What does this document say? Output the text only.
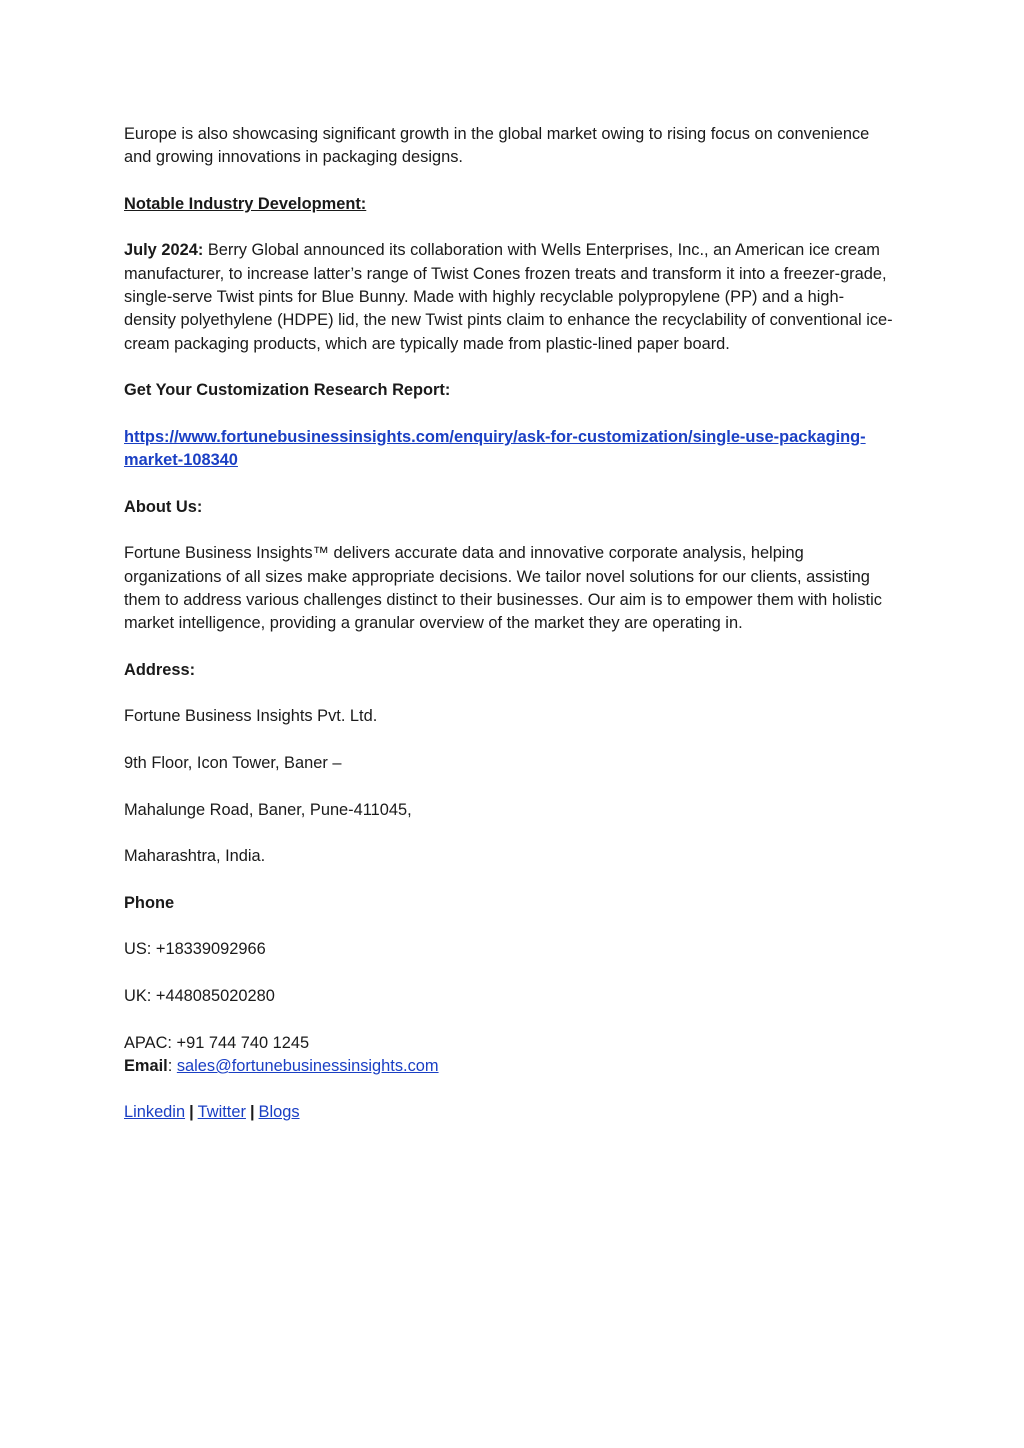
Europe is also showcasing significant growth in the global market owing to rising focus on convenience and growing innovations in packaging designs.

Notable Industry Development:

July 2024: Berry Global announced its collaboration with Wells Enterprises, Inc., an American ice cream manufacturer, to increase latter’s range of Twist Cones frozen treats and transform it into a freezer-grade, single-serve Twist pints for Blue Bunny. Made with highly recyclable polypropylene (PP) and a high-density polyethylene (HDPE) lid, the new Twist pints claim to enhance the recyclability of conventional ice-cream packaging products, which are typically made from plastic-lined paper board.

Get Your Customization Research Report:

https://www.fortunebusinessinsights.com/enquiry/ask-for-customization/single-use-packaging-market-108340

About Us:

Fortune Business Insights™ delivers accurate data and innovative corporate analysis, helping organizations of all sizes make appropriate decisions. We tailor novel solutions for our clients, assisting them to address various challenges distinct to their businesses. Our aim is to empower them with holistic market intelligence, providing a granular overview of the market they are operating in.

Address:

Fortune Business Insights Pvt. Ltd.

9th Floor, Icon Tower, Baner –

Mahalunge Road, Baner, Pune-411045,

Maharashtra, India.

Phone

US: +18339092966

UK: +448085020280

APAC: +91 744 740 1245

Email: sales@fortunebusinessinsights.com

Linkedin | Twitter | Blogs
